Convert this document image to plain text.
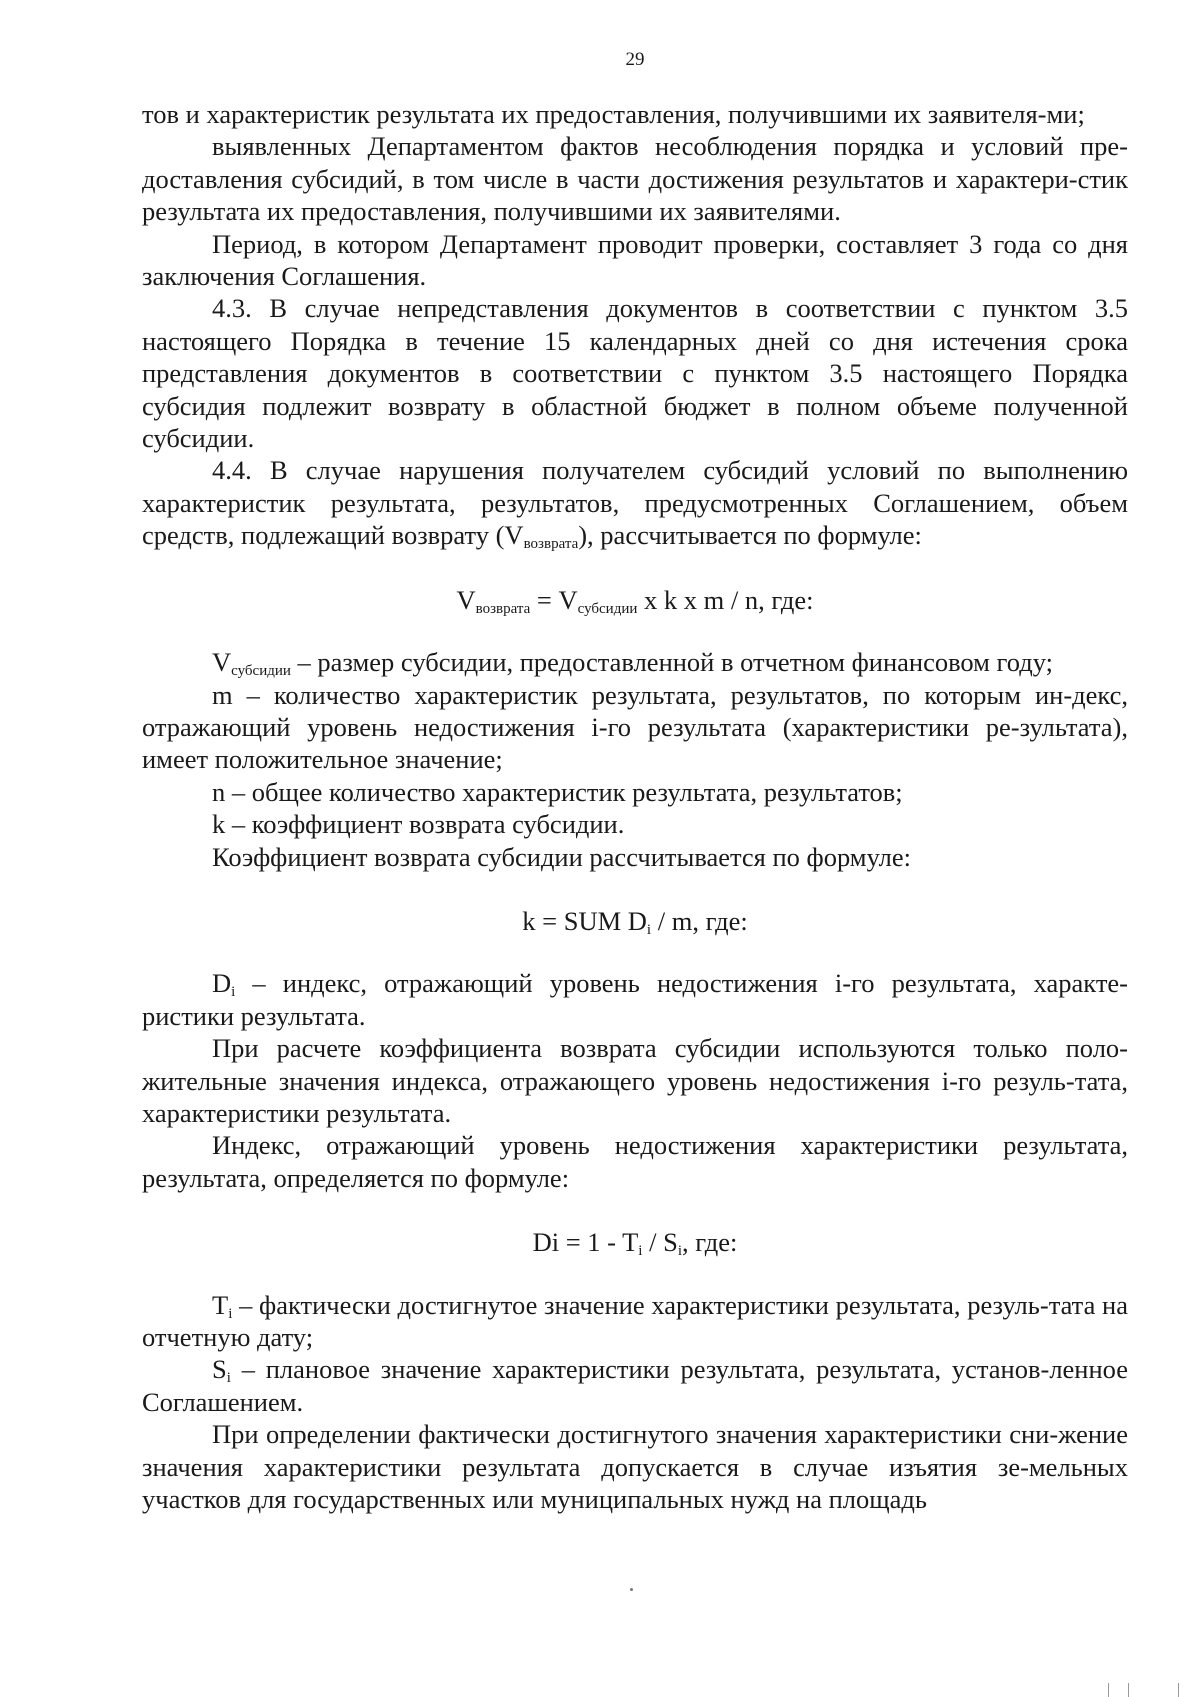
29

тов и характеристик результата их предоставления, получившими их заявителя-ми;

выявленных Департаментом фактов несоблюдения порядка и условий пре-доставления субсидий, в том числе в части достижения результатов и характери-стик результата их предоставления, получившими их заявителями.

Период, в котором Департамент проводит проверки, составляет 3 года со дня заключения Соглашения.

4.3. В случае непредставления документов в соответствии с пунктом 3.5 настоящего Порядка в течение 15 календарных дней со дня истечения срока представления документов в соответствии с пунктом 3.5 настоящего Порядка субсидия подлежит возврату в областной бюджет в полном объеме полученной субсидии.

4.4. В случае нарушения получателем субсидий условий по выполнению характеристик результата, результатов, предусмотренных Соглашением, объем средств, подлежащий возврату $(V_{возврата})$, рассчитывается по формуле:

$V_{возврата} = V_{субсидии}$ x k x m / n, где:

$V_{субсидии}$ – размер субсидии, предоставленной в отчетном финансовом году;

m – количество характеристик результата, результатов, по которым ин-декс, отражающий уровень недостижения i-го результата (характеристики ре-зультата), имеет положительное значение;

n – общее количество характеристик результата, результатов;

k – коэффициент возврата субсидии.

Коэффициент возврата субсидии рассчитывается по формуле:

k = SUM $D_i$ / m, где:

$D_i$ – индекс, отражающий уровень недостижения i-го результата, характе-ристики результата.

При расчете коэффициента возврата субсидии используются только поло-жительные значения индекса, отражающего уровень недостижения i-го резуль-тата, характеристики результата.

Индекс, отражающий уровень недостижения характеристики результата, результата, определяется по формуле:

$Di = 1 - T_i / S_i$, где:

$T_i$ – фактически достигнутое значение характеристики результата, резуль-тата на отчетную дату;

$S_i$ – плановое значение характеристики результата, результата, установ-ленное Соглашением.

При определении фактически достигнутого значения характеристики сни-жение значения характеристики результата допускается в случае изъятия зе-мельных участков для государственных или муниципальных нужд на площадь
